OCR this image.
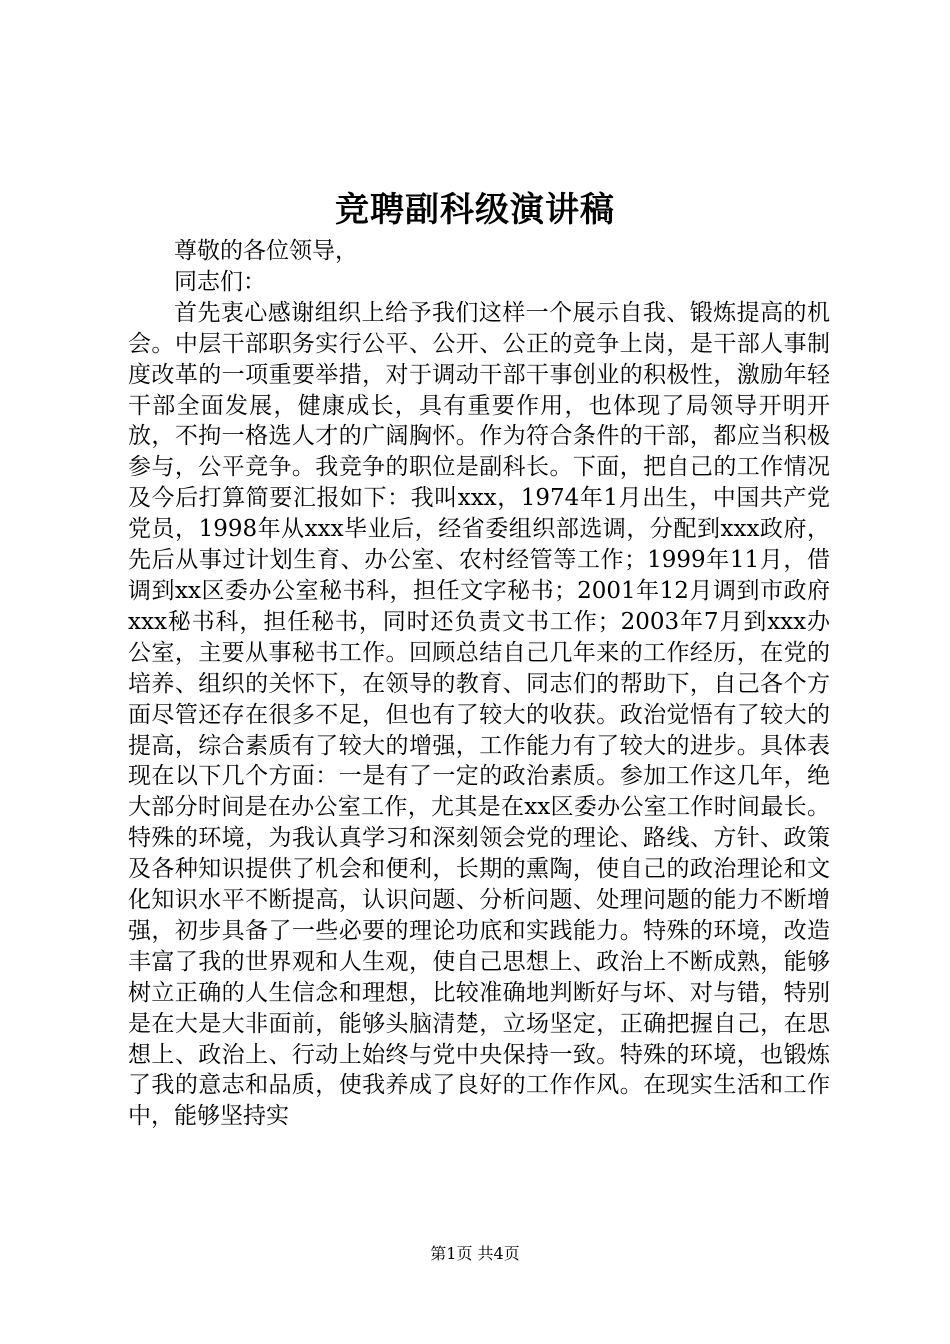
竞聘副科级演讲稿

尊敬的各位领导，

同志们：

首先衷心感谢组织上给予我们这样一个展示自我、锻炼提高的机会。中层干部职务实行公平、公开、公正的竞争上岗，是干部人事制度改革的一项重要举措，对于调动干部干事创业的积极性，激励年轻干部全面发展，健康成长，具有重要作用，也体现了局领导开明开放，不拘一格选人才的广阔胸怀。作为符合条件的干部，都应当积极参与，公平竞争。我竞争的职位是副科长。下面，把自己的工作情况及今后打算简要汇报如下：我叫xxx，1974年1月出生，中国共产党党员，1998年从xxx毕业后，经省委组织部选调，分配到xxx政府，先后从事过计划生育、办公室、农村经管等工作；1999年11月，借调到xx区委办公室秘书科，担任文字秘书；2001年12月调到市政府xxx秘书科，担任秘书，同时还负责文书工作；2003年7月到xxx办公室，主要从事秘书工作。回顾总结自己几年来的工作经历，在党的培养、组织的关怀下，在领导的教育、同志们的帮助下，自己各个方面尽管还存在很多不足，但也有了较大的收获。政治觉悟有了较大的提高，综合素质有了较大的增强，工作能力有了较大的进步。具体表现在以下几个方面：一是有了一定的政治素质。参加工作这几年，绝大部分时间是在办公室工作，尤其是在xx区委办公室工作时间最长。特殊的环境，为我认真学习和深刻领会党的理论、路线、方针、政策及各种知识提供了机会和便利，长期的熏陶，使自己的政治理论和文化知识水平不断提高，认识问题、分析问题、处理问题的能力不断增强，初步具备了一些必要的理论功底和实践能力。特殊的环境，改造丰富了我的世界观和人生观，使自己思想上、政治上不断成熟，能够树立正确的人生信念和理想，比较准确地判断好与坏、对与错，特别是在大是大非面前，能够头脑清楚，立场坚定，正确把握自己，在思想上、政治上、行动上始终与党中央保持一致。特殊的环境，也锻炼了我的意志和品质，使我养成了良好的工作作风。在现实生活和工作中，能够坚持实

第1页 共4页
